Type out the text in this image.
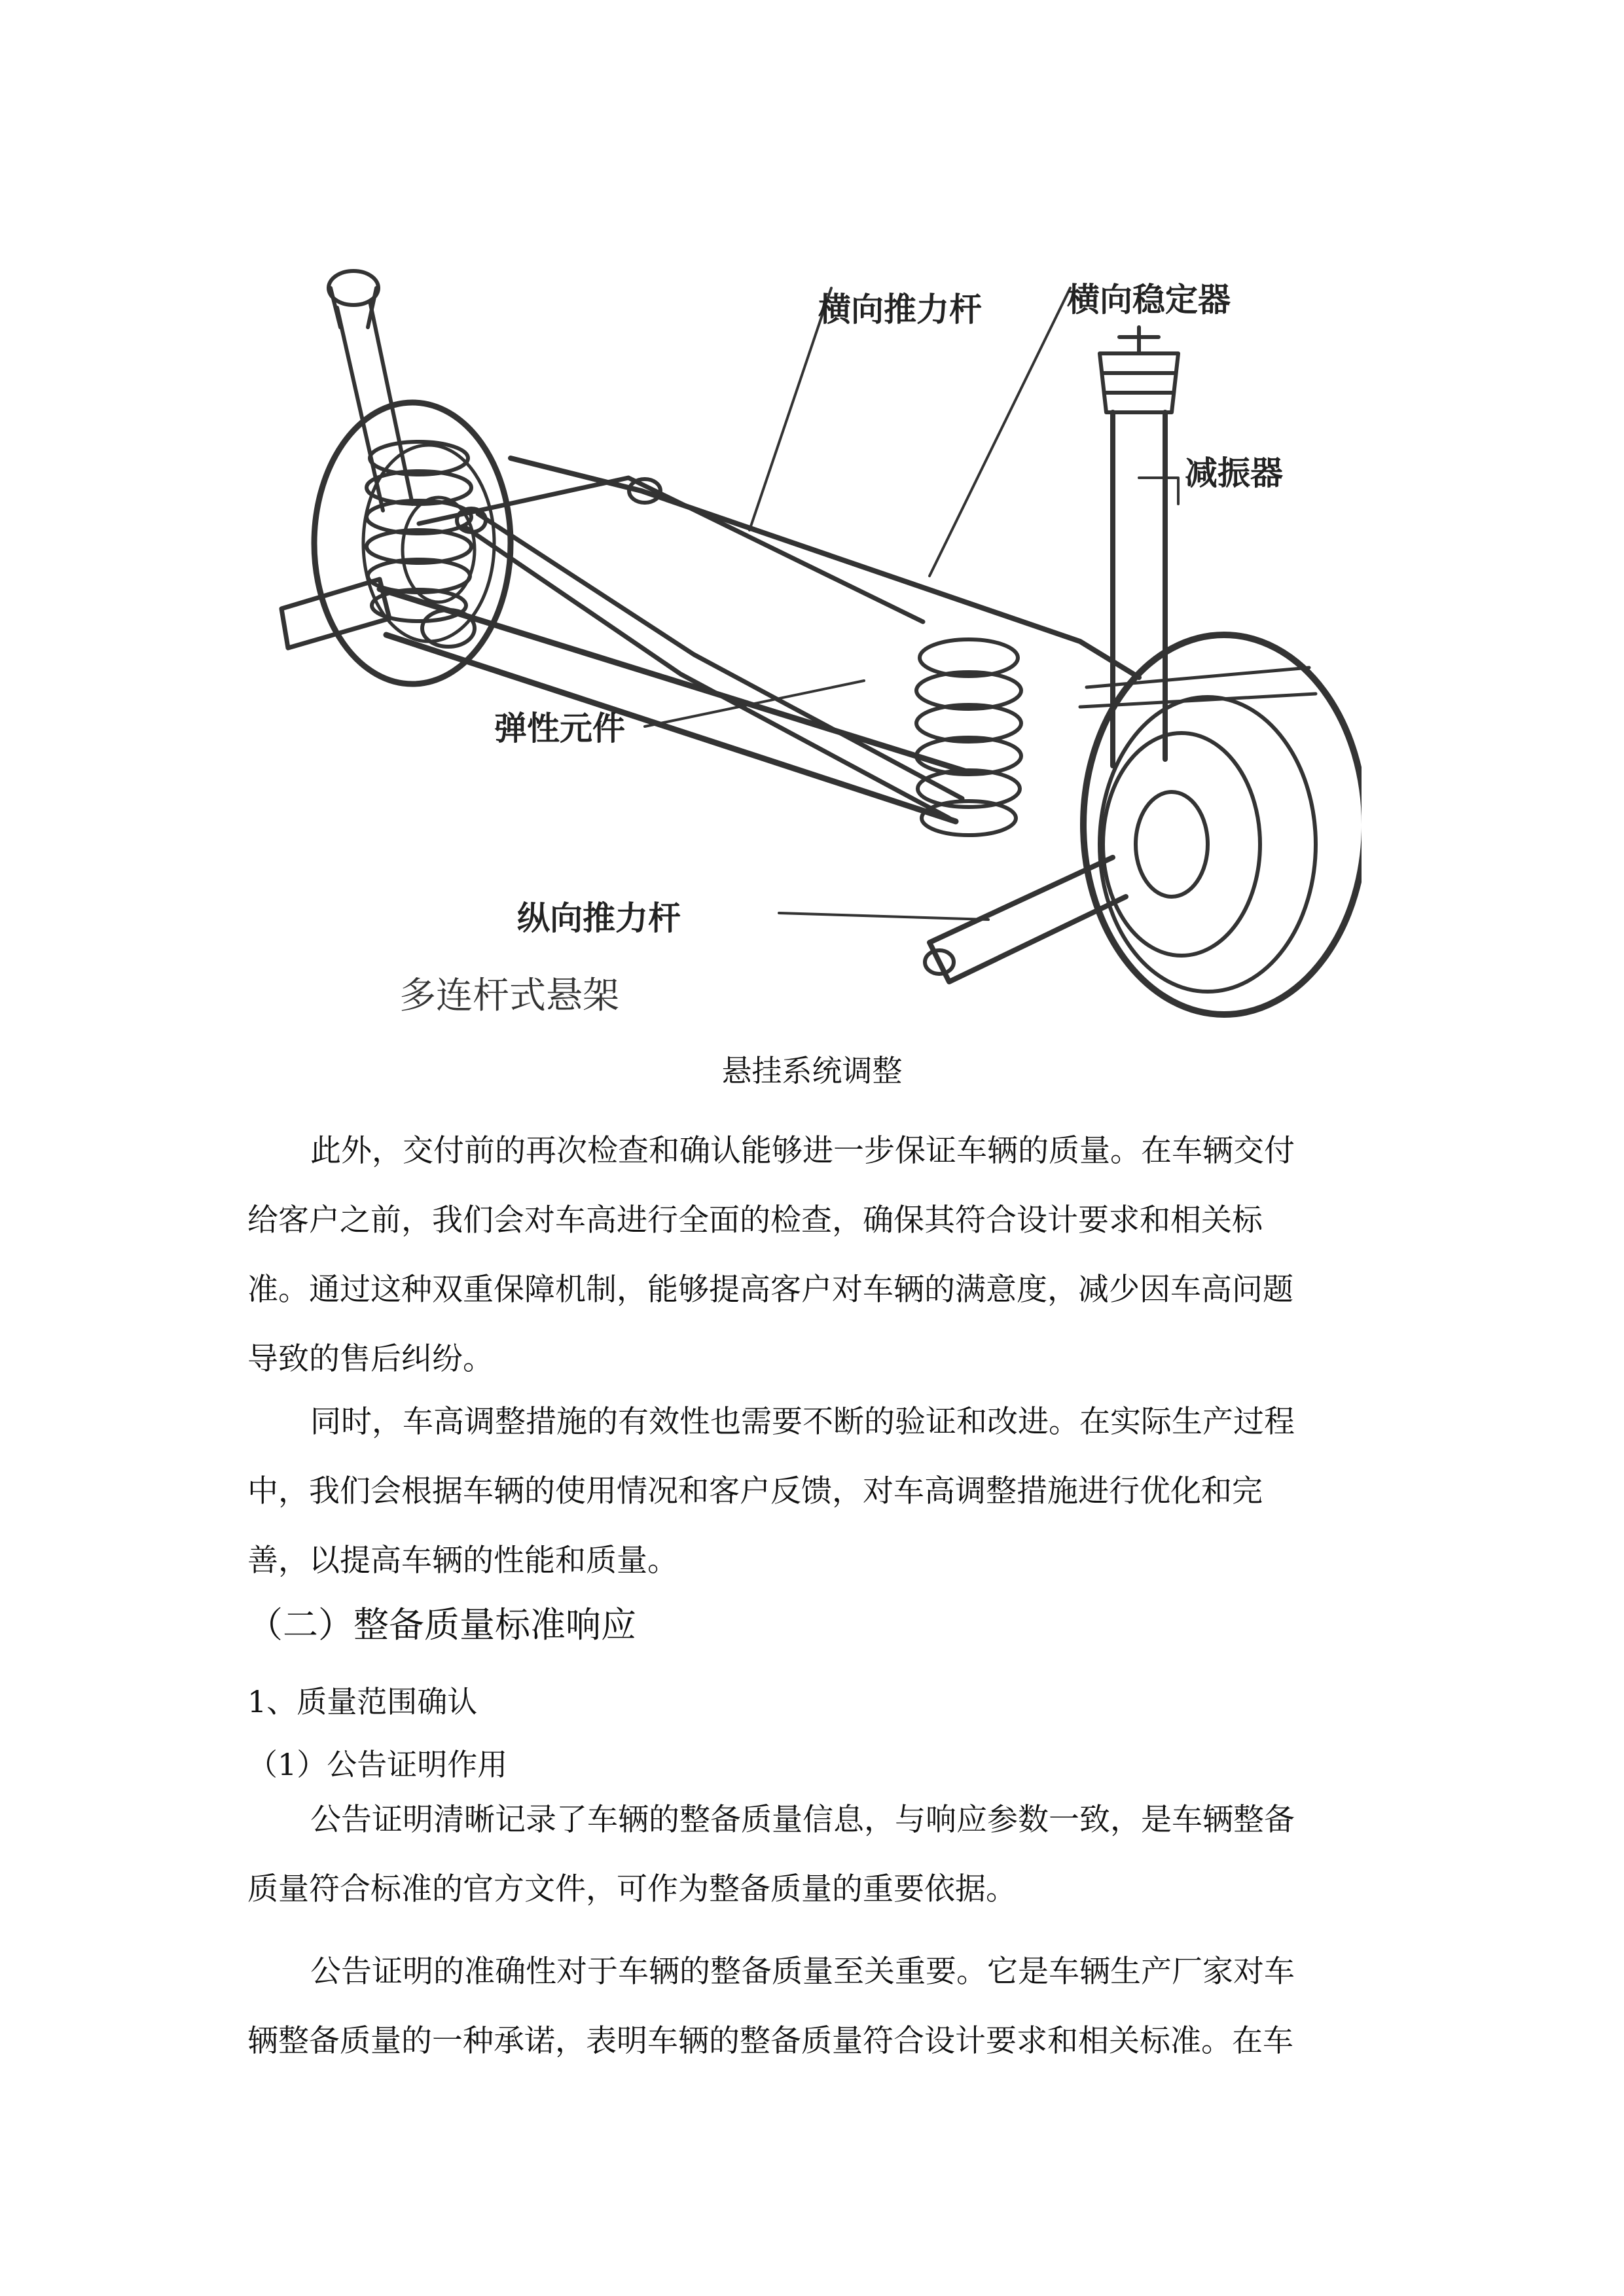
横向推力杆	横向稳定器
减振器
弹性元件
纵向推力杆
多连杆式悬架
悬挂系统调整
此外，交付前的再次检查和确认能够进一步保证车辆的质量。在车辆交付
给客户之前，我们会对车高进行全面的检查，确保其符合设计要求和相关标
准。通过这种双重保障机制，能够提高客户对车辆的满意度，减少因车高问题
导致的售后纠纷。
同时，车高调整措施的有效性也需要不断的验证和改进。在实际生产过程
中，我们会根据车辆的使用情况和客户反馈，对车高调整措施进行优化和完
善，以提高车辆的性能和质量。
（二）整备质量标准响应
1、质量范围确认
（1）公告证明作用
公告证明清晰记录了车辆的整备质量信息，与响应参数一致，是车辆整备
质量符合标准的官方文件，可作为整备质量的重要依据。
公告证明的准确性对于车辆的整备质量至关重要。它是车辆生产厂家对车
辆整备质量的一种承诺，表明车辆的整备质量符合设计要求和相关标准。在车
